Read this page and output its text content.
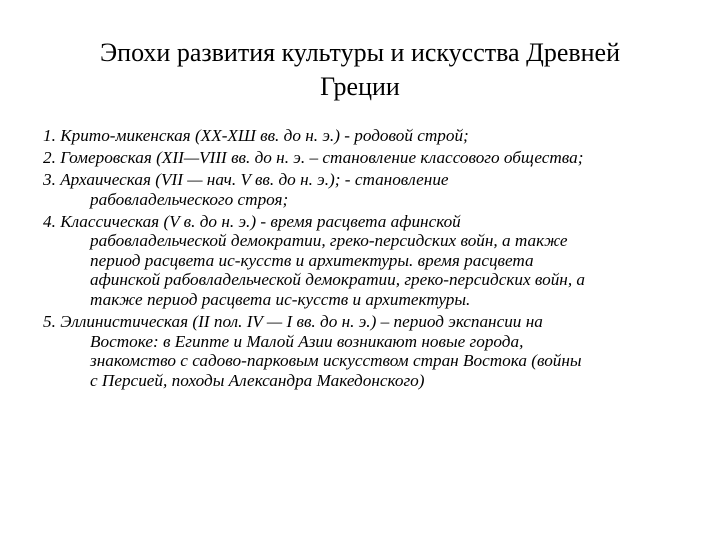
Эпохи развития культуры и искусства Древней
Греции
1. Крито-микенская (XX-XШ вв. до н. э.) - родовой строй;
2. Гомеровская (XII—VIII вв. до н. э. – становление классового общества;
3. Архаическая (VII — нач. V вв. до н. э.); - становление
рабовладельческого строя;
4. Классическая (V в. до н. э.) - время расцвета афинской
рабовладельческой демократии, греко-персидских войн, а также
период расцвета ис-кусств и архитектуры. время расцвета
афинской рабовладельческой демократии, греко-персидских войн, а
также период расцвета ис-кусств и архитектуры.
5. Эллинистическая (II пол. IV — I вв. до н. э.) – период экспансии на
Востоке: в Египте и Малой Азии возникают новые города,
знакомство с садово-парковым искусством стран Востока (войны
с Персией, походы Александра Македонского)
